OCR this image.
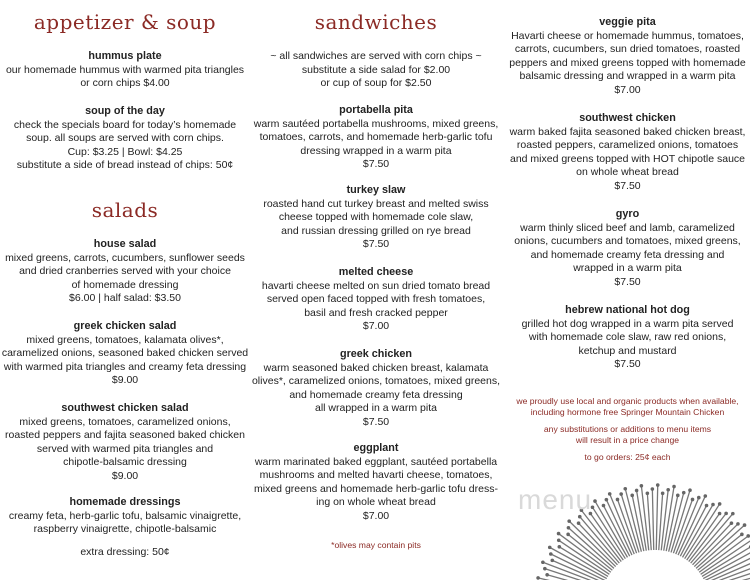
appetizer & soup
hummus plate
our homemade hummus with warmed pita triangles
or corn chips $4.00
soup of the day
check the specials board for today’s homemade
soup. all soups are served with corn chips.
Cup: $3.25 | Bowl: $4.25
substitute a side of bread instead of chips: 50¢
salads
house salad
mixed greens, carrots, cucumbers, sunflower seeds
and dried cranberries served with your choice
of homemade dressing
$6.00 | half salad: $3.50
greek chicken salad
mixed greens, tomatoes, kalamata olives*,
caramelized onions, seasoned baked chicken served
with warmed pita triangles and creamy feta dressing
$9.00
southwest chicken salad
mixed greens, tomatoes, caramelized onions,
roasted peppers and fajita seasoned baked chicken
served with warmed pita triangles and
chipotle-balsamic dressing
$9.00
homemade dressings
creamy feta, herb-garlic tofu, balsamic vinaigrette,
raspberry vinaigrette, chipotle-balsamic
extra dressing: 50¢
sandwiches
~ all sandwiches are served with corn chips ~
substitute a side salad for $2.00
or cup of soup for $2.50
portabella pita
warm sautéed portabella mushrooms, mixed greens,
tomatoes, carrots, and homemade herb-garlic tofu
dressing wrapped in a warm pita
$7.50
turkey slaw
roasted hand cut turkey breast and melted swiss
cheese topped with homemade cole slaw,
and russian dressing grilled on rye bread
$7.50
melted cheese
havarti cheese melted on sun dried tomato bread
served open faced topped with fresh tomatoes,
basil and fresh cracked pepper
$7.00
greek chicken
warm seasoned baked chicken breast, kalamata
olives*, caramelized onions, tomatoes, mixed greens,
and homemade creamy feta dressing
all wrapped in a warm pita
$7.50
eggplant
warm marinated baked eggplant, sautéed portabella
mushrooms and melted havarti cheese, tomatoes,
mixed greens and homemade herb-garlic tofu dress-
ing on whole wheat bread
$7.00
*olives may contain pits
veggie pita
Havarti cheese or homemade hummus, tomatoes,
carrots, cucumbers, sun dried tomatoes, roasted
peppers and mixed greens topped with homemade
balsamic dressing and wrapped in a warm pita
$7.00
southwest chicken
warm baked fajita seasoned baked chicken breast,
roasted peppers, caramelized onions, tomatoes
and mixed greens topped with HOT chipotle sauce
on whole wheat bread
$7.50
gyro
warm thinly sliced beef and lamb, caramelized
onions, cucumbers and tomatoes, mixed greens,
and homemade creamy feta dressing and
wrapped in a warm pita
$7.50
hebrew national hot dog
grilled hot dog wrapped in a warm pita served
with homemade cole slaw, raw red onions,
ketchup and mustard
$7.50
we proudly use local and organic products when available,
including hormone free Springer Mountain Chicken
any substitutions or additions to menu items
will result in a price change
to go orders: 25¢ each
menu
